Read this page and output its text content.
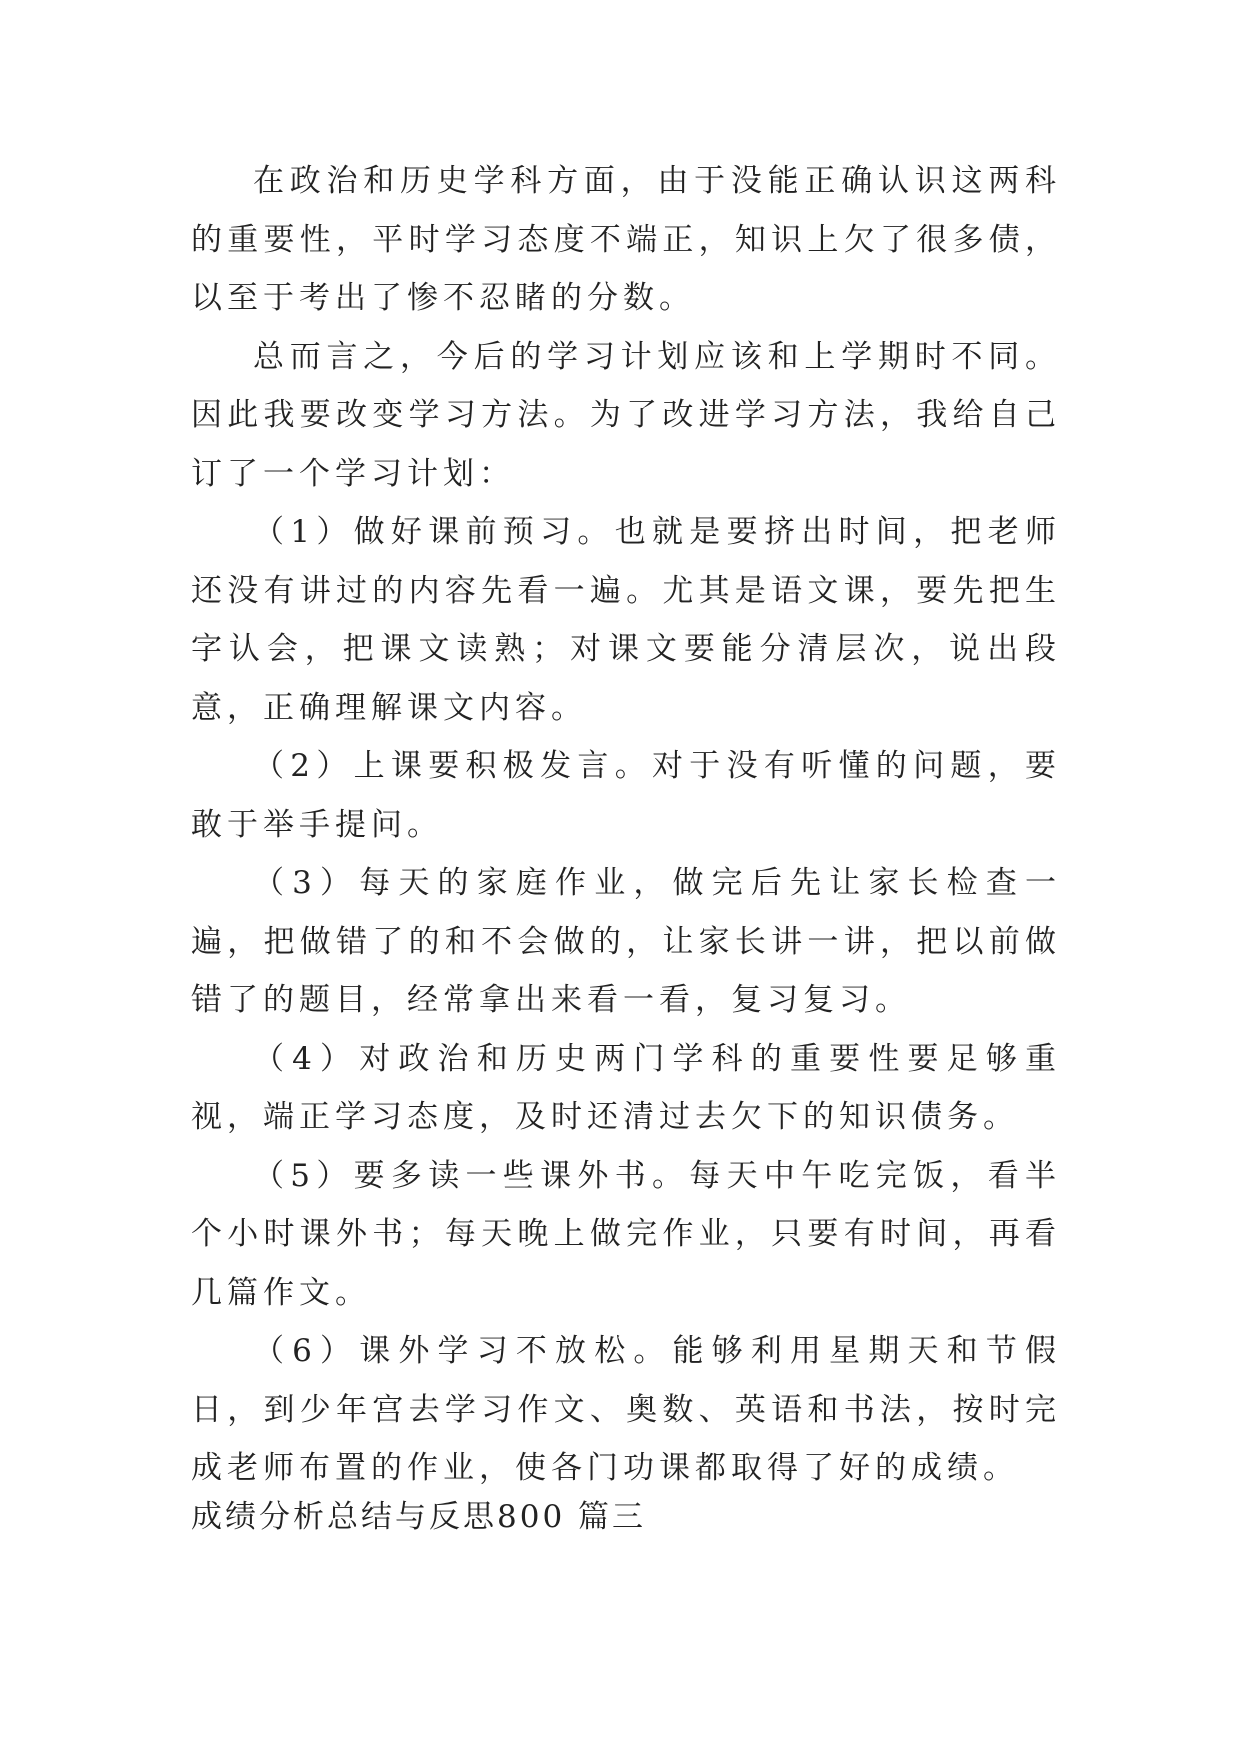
在政治和历史学科方面，由于没能正确认识这两科的重要性，平时学习态度不端正，知识上欠了很多债，以至于考出了惨不忍睹的分数。

总而言之，今后的学习计划应该和上学期时不同。因此我要改变学习方法。为了改进学习方法，我给自己订了一个学习计划：

（1）做好课前预习。也就是要挤出时间，把老师还没有讲过的内容先看一遍。尤其是语文课，要先把生字认会，把课文读熟；对课文要能分清层次，说出段意，正确理解课文内容。

（2）上课要积极发言。对于没有听懂的问题，要敢于举手提问。

（3）每天的家庭作业，做完后先让家长检查一遍，把做错了的和不会做的，让家长讲一讲，把以前做错了的题目，经常拿出来看一看，复习复习。

（4）对政治和历史两门学科的重要性要足够重视，端正学习态度，及时还清过去欠下的知识债务。

（5）要多读一些课外书。每天中午吃完饭，看半个小时课外书；每天晚上做完作业，只要有时间，再看几篇作文。

（6）课外学习不放松。能够利用星期天和节假日，到少年宫去学习作文、奥数、英语和书法，按时完成老师布置的作业，使各门功课都取得了好的成绩。

成绩分析总结与反思800 篇三
